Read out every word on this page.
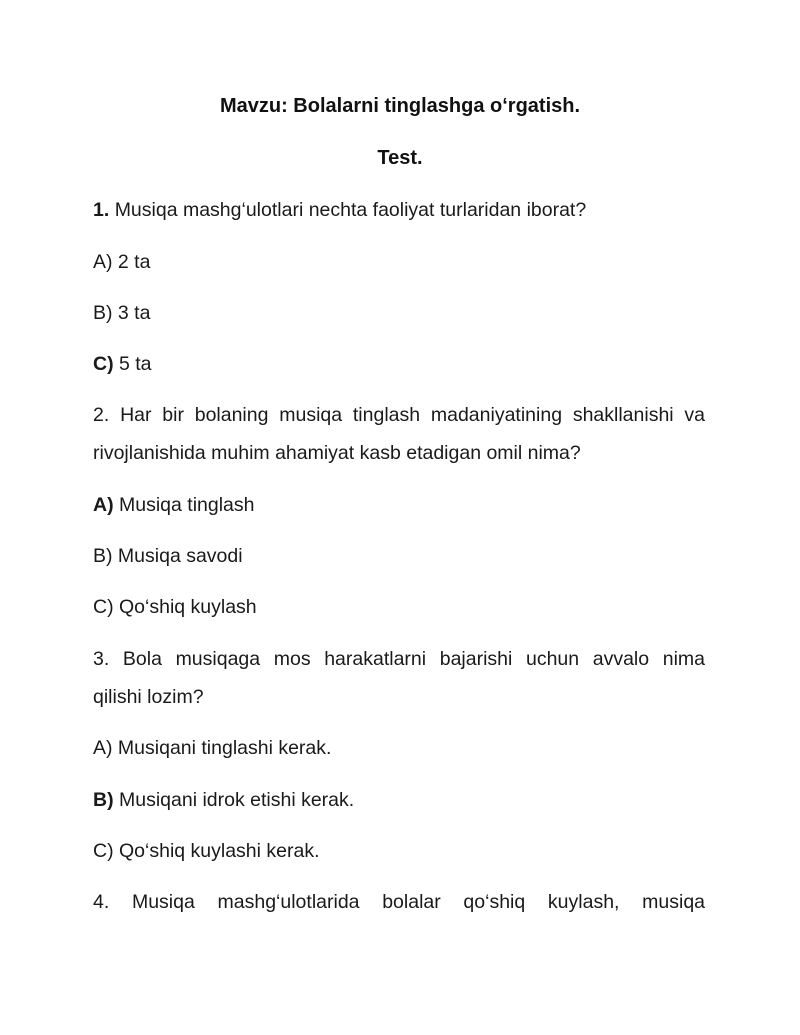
Mavzu: Bolalarni tinglashga o‘rgatish.
Test.

1. Musiqa mashg‘ulotlari nechta faoliyat turlaridan iborat?

A) 2 ta

B) 3 ta

C) 5 ta

2. Har bir bolaning musiqa tinglash madaniyatining shakllanishi va

rivojlanishida muhim ahamiyat kasb etadigan omil nima?

A) Musiqa tinglash

B) Musiqa savodi

C) Qo‘shiq kuylash

3. Bola musiqaga mos harakatlarni bajarishi uchun avvalo nima

qilishi lozim?

A) Musiqani tinglashi kerak.

B) Musiqani idrok etishi kerak.

C) Qo‘shiq kuylashi kerak.

4. Musiqa mashg‘ulotlarida bolalar qo‘shiq kuylash, musiqa
